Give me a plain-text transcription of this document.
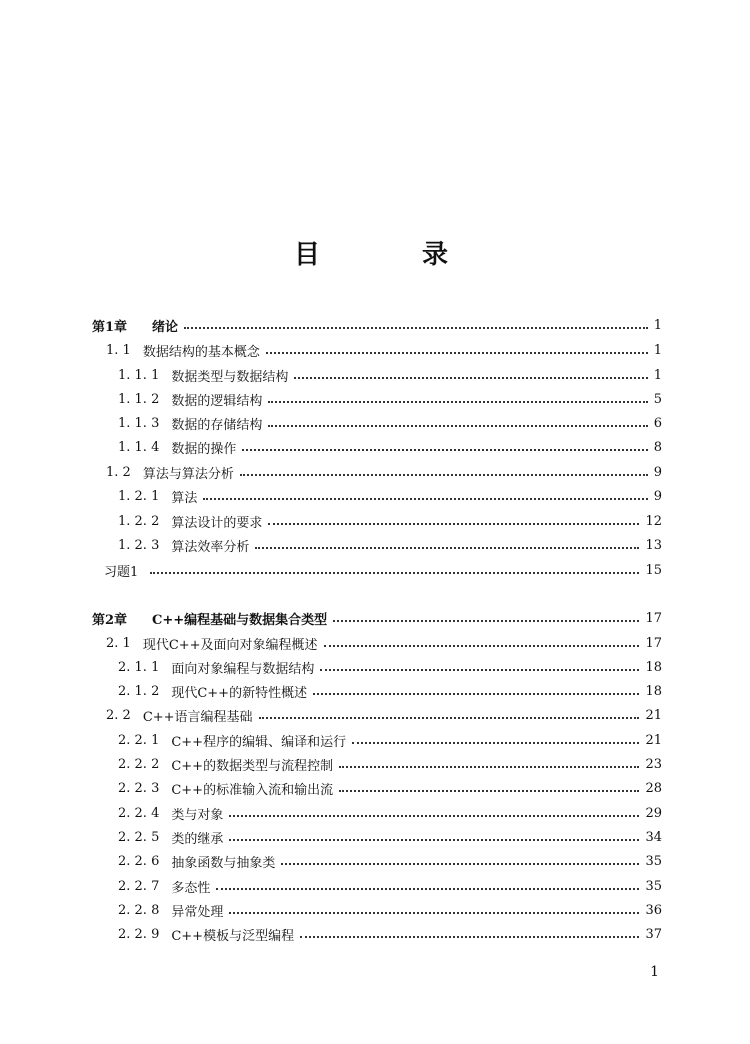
目　录
第1章	绪论	1
1. 1 数据结构的基本概念	1
1. 1. 1 数据类型与数据结构	1
1. 1. 2 数据的逻辑结构	5
1. 1. 3 数据的存储结构	6
1. 1. 4 数据的操作	8
1. 2 算法与算法分析	9
1. 2. 1 算法	9
1. 2. 2 算法设计的要求	12
1. 2. 3 算法效率分析	13
习题1	15
第2章	C++编程基础与数据集合类型	17
2. 1 现代C++及面向对象编程概述	17
2. 1. 1 面向对象编程与数据结构	18
2. 1. 2 现代C++的新特性概述	18
2. 2 C++语言编程基础	21
2. 2. 1 C++程序的编辑、编译和运行	21
2. 2. 2 C++的数据类型与流程控制	23
2. 2. 3 C++的标准输入流和输出流	28
2. 2. 4 类与对象	29
2. 2. 5 类的继承	34
2. 2. 6 抽象函数与抽象类	35
2. 2. 7 多态性	35
2. 2. 8 异常处理	36
2. 2. 9 C++模板与泛型编程	37
1
